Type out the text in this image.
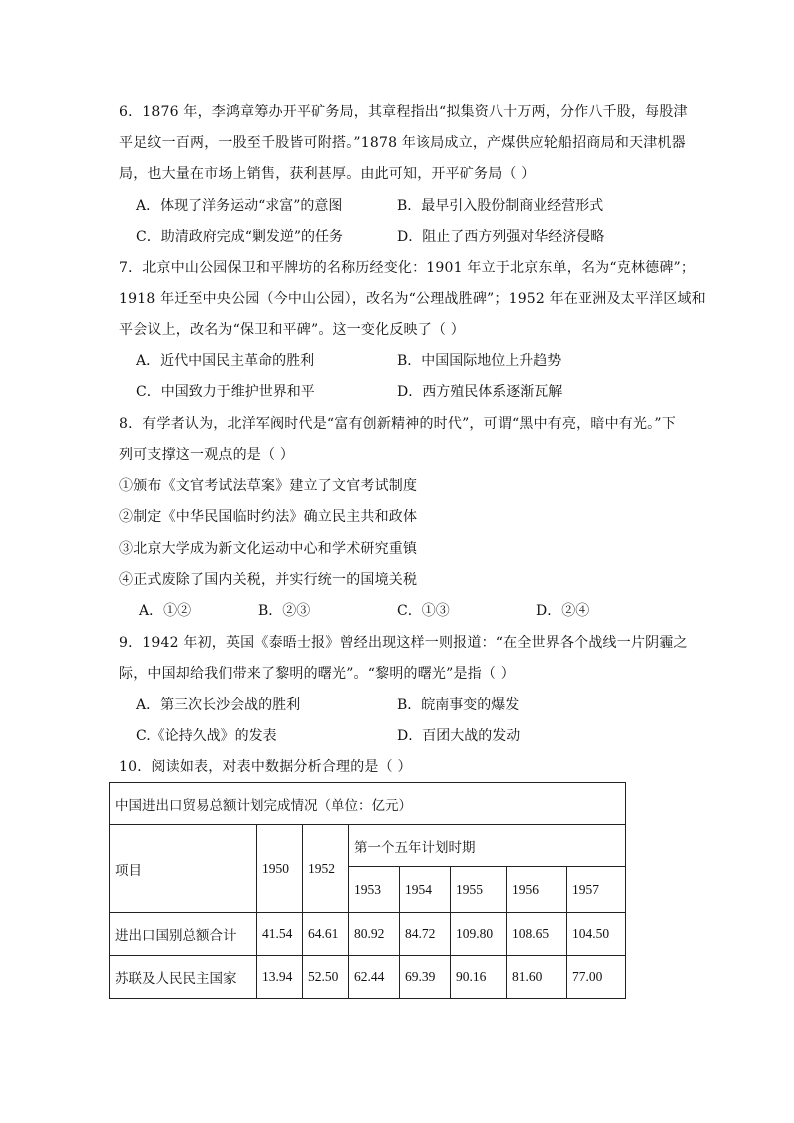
6．1876 年，李鸿章筹办开平矿务局，其章程指出“拟集资八十万两，分作八千股，每股津
平足纹一百两，一股至千股皆可附搭。”1878 年该局成立，产煤供应轮船招商局和天津机器
局，也大量在市场上销售，获利甚厚。由此可知，开平矿务局（ ）
A．体现了洋务运动“求富”的意图	B．最早引入股份制商业经营形式
C．助清政府完成“剿发逆”的任务	D．阻止了西方列强对华经济侵略
7．北京中山公园保卫和平牌坊的名称历经变化：1901 年立于北京东单，名为“克林德碑”；
1918 年迁至中央公园（今中山公园），改名为“公理战胜碑”；1952 年在亚洲及太平洋区域和
平会议上，改名为“保卫和平碑”。这一变化反映了（ ）
A．近代中国民主革命的胜利	B．中国国际地位上升趋势
C．中国致力于维护世界和平	D．西方殖民体系逐渐瓦解
8．有学者认为，北洋军阀时代是“富有创新精神的时代”，可谓“黑中有亮，暗中有光。”下
列可支撑这一观点的是（ ）
①颁布《文官考试法草案》建立了文官考试制度
②制定《中华民国临时约法》确立民主共和政体
③北京大学成为新文化运动中心和学术研究重镇
④正式废除了国内关税，并实行统一的国境关税
A．①②	B．②③	C．①③	D．②④
9．1942 年初，英国《泰晤士报》曾经出现这样一则报道：“在全世界各个战线一片阴霾之
际，中国却给我们带来了黎明的曙光”。“黎明的曙光”是指（ ）
A．第三次长沙会战的胜利	B．皖南事变的爆发
C.《论持久战》的发表	D．百团大战的发动
10．阅读如表，对表中数据分析合理的是（ ）
中国进出口贸易总额计划完成情况（单位：亿元）							
项目	1950	1952	第一个五年计划时期				
			1953	1954	1955	1956	1957
进出口国别总额合计	41.54	64.61	80.92	84.72	109.80	108.65	104.50
苏联及人民民主国家	13.94	52.50	62.44	69.39	90.16	81.60	77.00
